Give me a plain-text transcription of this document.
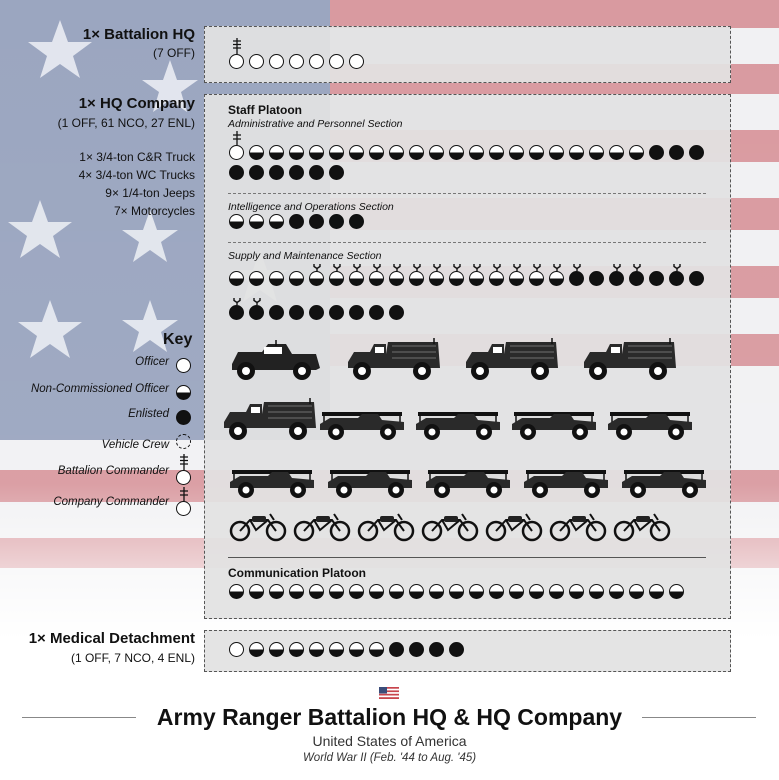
1× Battalion HQ
(7 OFF)
1× HQ Company
(1 OFF, 61 NCO, 27 ENL)
1× 3/4-ton C&R Truck
4× 3/4-ton WC Trucks
9× 1/4-ton Jeeps
7× Motorcycles
Key
Officer
Non-Commissioned Officer
Enlisted
Vehicle Crew
Battalion Commander
Company Commander
1× Medical Detachment
(1 OFF, 7 NCO, 4 ENL)
Staff Platoon
Administrative and Personnel Section
Intelligence and Operations Section
Supply and Maintenance Section
Communication Platoon
Army Ranger Battalion HQ & HQ Company
United States of America
World War II (Feb. '44 to Aug. '45)
